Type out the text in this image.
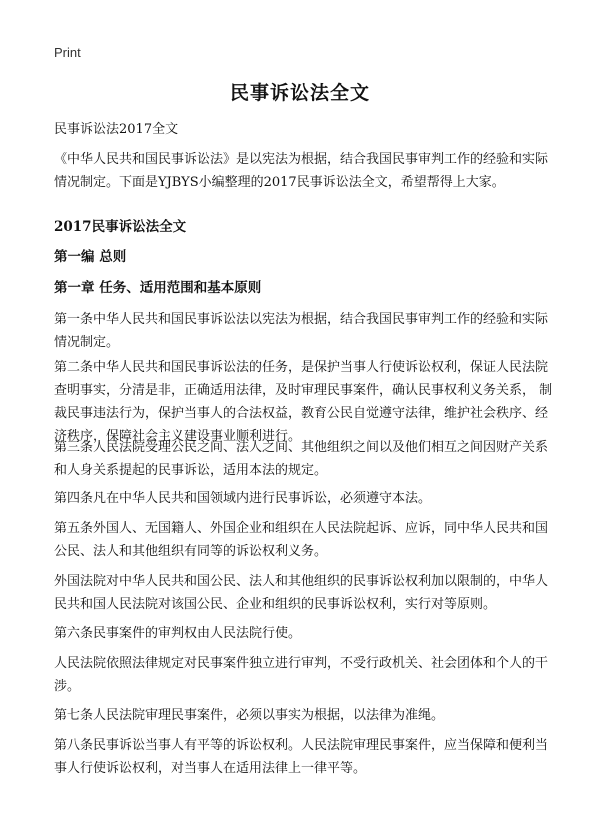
Print
民事诉讼法全文
民事诉讼法2017全文
《中华人民共和国民事诉讼法》是以宪法为根据，结合我国民事审判工作的经验和实际情况制定。下面是YJBYS小编整理的2017民事诉讼法全文，希望帮得上大家。
2017民事诉讼法全文
第一编 总则
第一章 任务、适用范围和基本原则
第一条中华人民共和国民事诉讼法以宪法为根据，结合我国民事审判工作的经验和实际情况制定。
第二条中华人民共和国民事诉讼法的任务，是保护当事人行使诉讼权利，保证人民法院查明事实，分清是非，正确适用法律，及时审理民事案件，确认民事权利义务关系， 制裁民事违法行为，保护当事人的合法权益，教育公民自觉遵守法律，维护社会秩序、经济秩序，保障社会主义建设事业顺利进行。
第三条人民法院受理公民之间、法人之间、其他组织之间以及他们相互之间因财产关系和人身关系提起的民事诉讼，适用本法的规定。
第四条凡在中华人民共和国领域内进行民事诉讼，必须遵守本法。
第五条外国人、无国籍人、外国企业和组织在人民法院起诉、应诉，同中华人民共和国公民、法人和其他组织有同等的诉讼权利义务。
外国法院对中华人民共和国公民、法人和其他组织的民事诉讼权利加以限制的，中华人民共和国人民法院对该国公民、企业和组织的民事诉讼权利，实行对等原则。
第六条民事案件的审判权由人民法院行使。
人民法院依照法律规定对民事案件独立进行审判，不受行政机关、社会团体和个人的干涉。
第七条人民法院审理民事案件，必须以事实为根据，以法律为准绳。
第八条民事诉讼当事人有平等的诉讼权利。人民法院审理民事案件，应当保障和便利当事人行使诉讼权利，对当事人在适用法律上一律平等。
